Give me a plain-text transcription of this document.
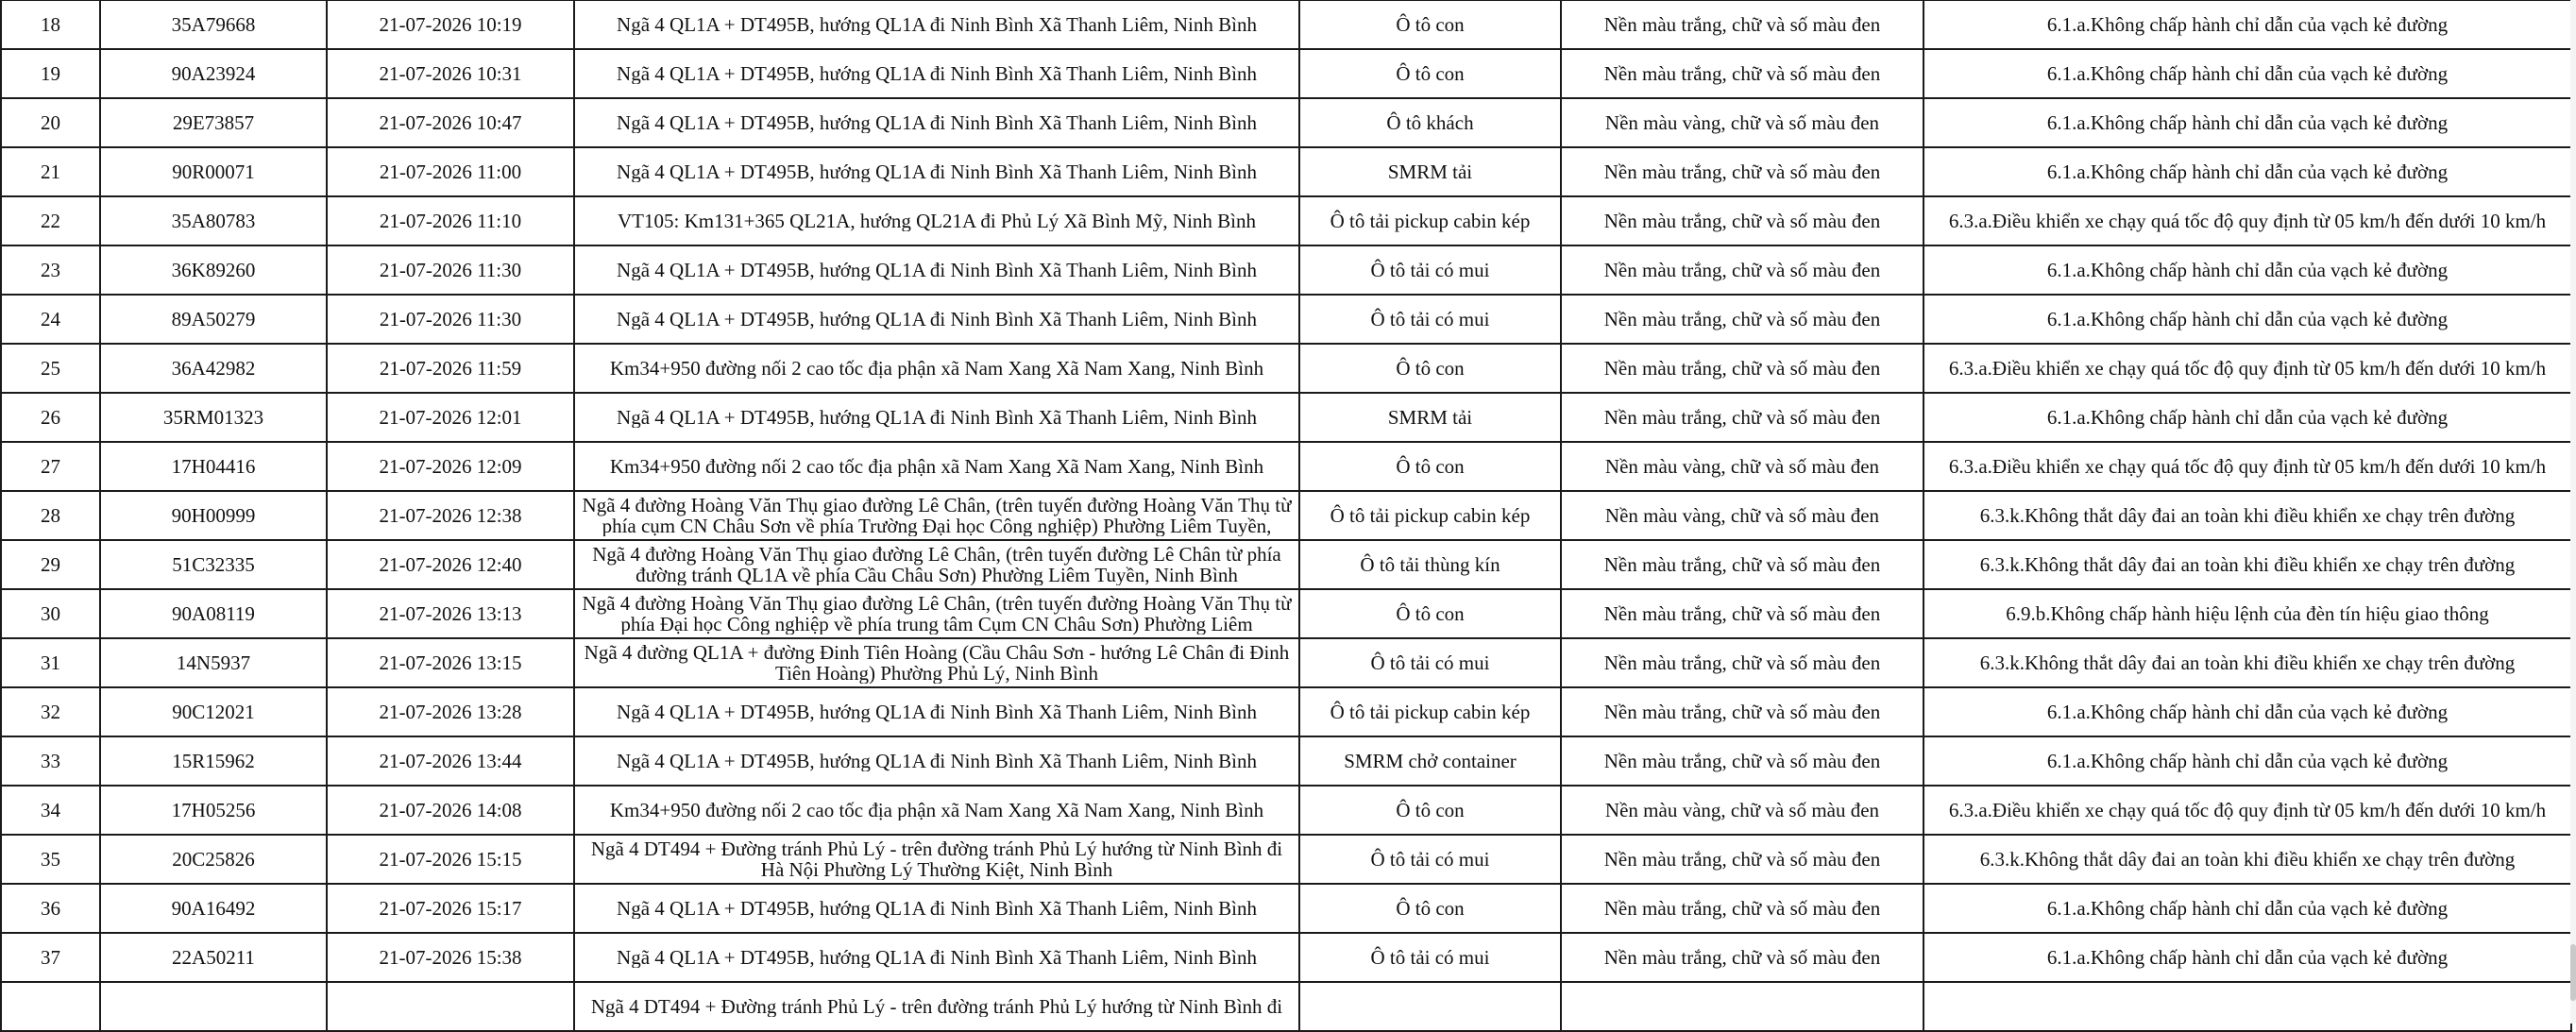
18	35A79668	21-07-2026 10:19	Ngã 4 QL1A + DT495B, hướng QL1A đi Ninh Bình Xã Thanh Liêm, Ninh Bình	Ô tô con	Nền màu trắng, chữ và số màu đen	6.1.a.Không chấp hành chỉ dẫn của vạch kẻ đường
19	90A23924	21-07-2026 10:31	Ngã 4 QL1A + DT495B, hướng QL1A đi Ninh Bình Xã Thanh Liêm, Ninh Bình	Ô tô con	Nền màu trắng, chữ và số màu đen	6.1.a.Không chấp hành chỉ dẫn của vạch kẻ đường
20	29E73857	21-07-2026 10:47	Ngã 4 QL1A + DT495B, hướng QL1A đi Ninh Bình Xã Thanh Liêm, Ninh Bình	Ô tô khách	Nền màu vàng, chữ và số màu đen	6.1.a.Không chấp hành chỉ dẫn của vạch kẻ đường
21	90R00071	21-07-2026 11:00	Ngã 4 QL1A + DT495B, hướng QL1A đi Ninh Bình Xã Thanh Liêm, Ninh Bình	SMRM tải	Nền màu trắng, chữ và số màu đen	6.1.a.Không chấp hành chỉ dẫn của vạch kẻ đường
22	35A80783	21-07-2026 11:10	VT105: Km131+365 QL21A, hướng QL21A đi Phủ Lý Xã Bình Mỹ, Ninh Bình	Ô tô tải pickup cabin kép	Nền màu trắng, chữ và số màu đen	6.3.a.Điều khiển xe chạy quá tốc độ quy định từ 05 km/h đến dưới 10 km/h
23	36K89260	21-07-2026 11:30	Ngã 4 QL1A + DT495B, hướng QL1A đi Ninh Bình Xã Thanh Liêm, Ninh Bình	Ô tô tải có mui	Nền màu trắng, chữ và số màu đen	6.1.a.Không chấp hành chỉ dẫn của vạch kẻ đường
24	89A50279	21-07-2026 11:30	Ngã 4 QL1A + DT495B, hướng QL1A đi Ninh Bình Xã Thanh Liêm, Ninh Bình	Ô tô tải có mui	Nền màu trắng, chữ và số màu đen	6.1.a.Không chấp hành chỉ dẫn của vạch kẻ đường
25	36A42982	21-07-2026 11:59	Km34+950 đường nối 2 cao tốc địa phận xã Nam Xang Xã Nam Xang, Ninh Bình	Ô tô con	Nền màu trắng, chữ và số màu đen	6.3.a.Điều khiển xe chạy quá tốc độ quy định từ 05 km/h đến dưới 10 km/h
26	35RM01323	21-07-2026 12:01	Ngã 4 QL1A + DT495B, hướng QL1A đi Ninh Bình Xã Thanh Liêm, Ninh Bình	SMRM tải	Nền màu trắng, chữ và số màu đen	6.1.a.Không chấp hành chỉ dẫn của vạch kẻ đường
27	17H04416	21-07-2026 12:09	Km34+950 đường nối 2 cao tốc địa phận xã Nam Xang Xã Nam Xang, Ninh Bình	Ô tô con	Nền màu vàng, chữ và số màu đen	6.3.a.Điều khiển xe chạy quá tốc độ quy định từ 05 km/h đến dưới 10 km/h
28	90H00999	21-07-2026 12:38	Ngã 4 đường Hoàng Văn Thụ giao đường Lê Chân, (trên tuyến đường Hoàng Văn Thụ từ phía cụm CN Châu Sơn về phía Trường Đại học Công nghiệp) Phường Liêm Tuyền,	Ô tô tải pickup cabin kép	Nền màu vàng, chữ và số màu đen	6.3.k.Không thắt dây đai an toàn khi điều khiển xe chạy trên đường
29	51C32335	21-07-2026 12:40	Ngã 4 đường Hoàng Văn Thụ giao đường Lê Chân, (trên tuyến đường Lê Chân từ phía đường tránh QL1A về phía Cầu Châu Sơn) Phường Liêm Tuyền, Ninh Bình	Ô tô tải thùng kín	Nền màu trắng, chữ và số màu đen	6.3.k.Không thắt dây đai an toàn khi điều khiển xe chạy trên đường
30	90A08119	21-07-2026 13:13	Ngã 4 đường Hoàng Văn Thụ giao đường Lê Chân, (trên tuyến đường Hoàng Văn Thụ từ phía Đại học Công nghiệp về phía trung tâm Cụm CN Châu Sơn) Phường Liêm	Ô tô con	Nền màu trắng, chữ và số màu đen	6.9.b.Không chấp hành hiệu lệnh của đèn tín hiệu giao thông
31	14N5937	21-07-2026 13:15	Ngã 4 đường QL1A + đường Đinh Tiên Hoàng (Cầu Châu Sơn - hướng Lê Chân đi Đinh Tiên Hoàng) Phường Phủ Lý, Ninh Bình	Ô tô tải có mui	Nền màu trắng, chữ và số màu đen	6.3.k.Không thắt dây đai an toàn khi điều khiển xe chạy trên đường
32	90C12021	21-07-2026 13:28	Ngã 4 QL1A + DT495B, hướng QL1A đi Ninh Bình Xã Thanh Liêm, Ninh Bình	Ô tô tải pickup cabin kép	Nền màu trắng, chữ và số màu đen	6.1.a.Không chấp hành chỉ dẫn của vạch kẻ đường
33	15R15962	21-07-2026 13:44	Ngã 4 QL1A + DT495B, hướng QL1A đi Ninh Bình Xã Thanh Liêm, Ninh Bình	SMRM chở container	Nền màu trắng, chữ và số màu đen	6.1.a.Không chấp hành chỉ dẫn của vạch kẻ đường
34	17H05256	21-07-2026 14:08	Km34+950 đường nối 2 cao tốc địa phận xã Nam Xang Xã Nam Xang, Ninh Bình	Ô tô con	Nền màu vàng, chữ và số màu đen	6.3.a.Điều khiển xe chạy quá tốc độ quy định từ 05 km/h đến dưới 10 km/h
35	20C25826	21-07-2026 15:15	Ngã 4 DT494 + Đường tránh Phủ Lý - trên đường tránh Phủ Lý hướng từ Ninh Bình đi Hà Nội Phường Lý Thường Kiệt, Ninh Bình	Ô tô tải có mui	Nền màu trắng, chữ và số màu đen	6.3.k.Không thắt dây đai an toàn khi điều khiển xe chạy trên đường
36	90A16492	21-07-2026 15:17	Ngã 4 QL1A + DT495B, hướng QL1A đi Ninh Bình Xã Thanh Liêm, Ninh Bình	Ô tô con	Nền màu trắng, chữ và số màu đen	6.1.a.Không chấp hành chỉ dẫn của vạch kẻ đường
37	22A50211	21-07-2026 15:38	Ngã 4 QL1A + DT495B, hướng QL1A đi Ninh Bình Xã Thanh Liêm, Ninh Bình	Ô tô tải có mui	Nền màu trắng, chữ và số màu đen	6.1.a.Không chấp hành chỉ dẫn của vạch kẻ đường

			Ngã 4 DT494 + Đường tránh Phủ Lý - trên đường tránh Phủ Lý hướng từ Ninh Bình đi			
